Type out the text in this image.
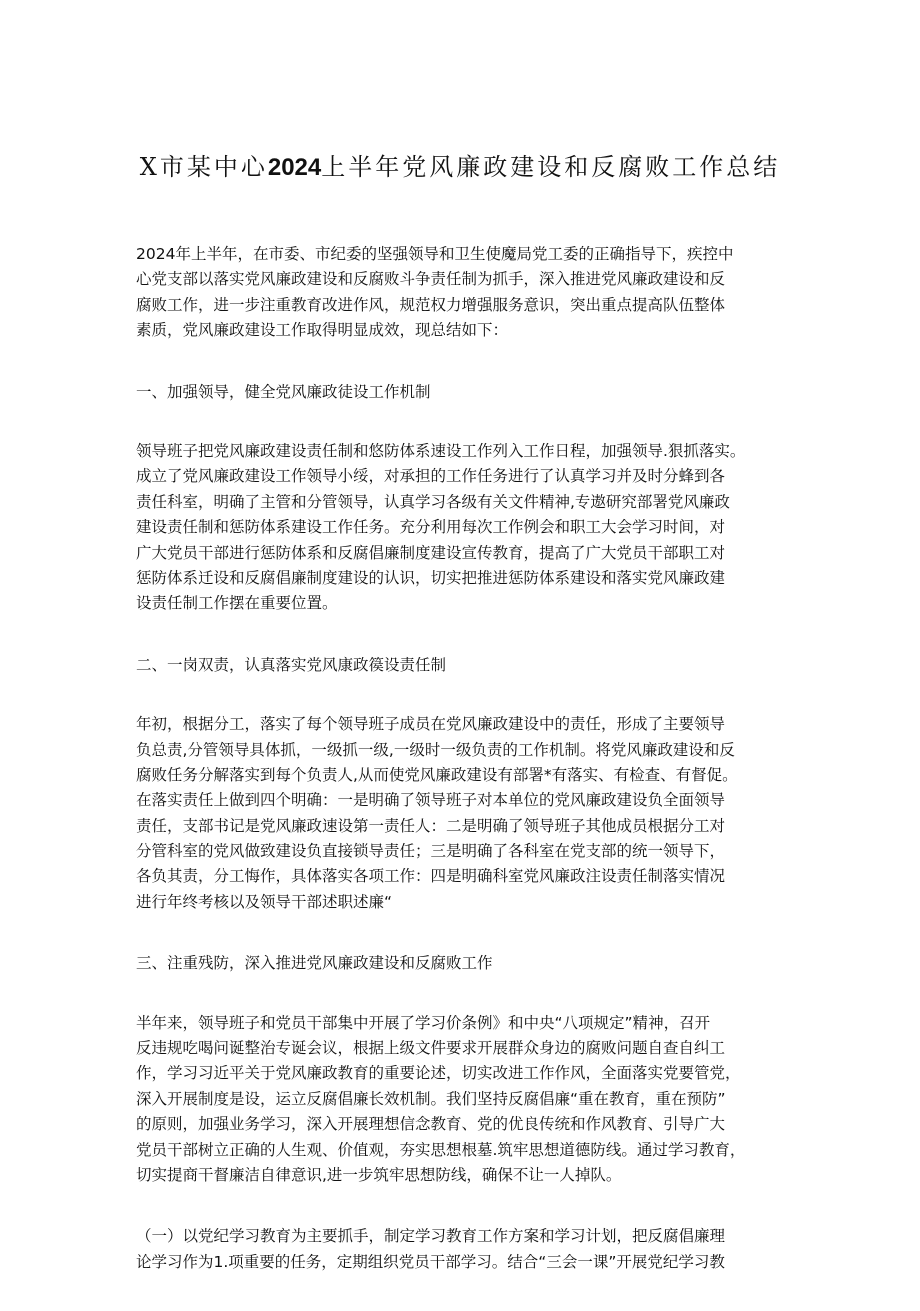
X市某中心2024上半年党风廉政建设和反腐败工作总结
2024年上半年，在市委、市纪委的坚强领导和卫生使魔局党工委的正确指导下，疾控中
心党支部以落实党风廉政建设和反腐败斗争责任制为抓手，深入推进党风廉政建设和反
腐败工作，进一步注重教育改进作风，规范权力增强服务意识，突出重点提高队伍整体
素质，党风廉政建设工作取得明显成效，现总结如下：
一、加强领导，健全党风廉政徒设工作机制
领导班子把党风廉政建设责任制和悠防体系速设工作列入工作日程，加强领导.狠抓落实。
成立了党风廉政建设工作领导小绥，对承担的工作任务进行了认真学习并及时分蜂到各
责任科室，明确了主管和分管领导，认真学习各级有关文件精神,专遨研究部署党风廉政
建设责任制和惩防体系建设工作任务。充分利用每次工作例会和职工大会学习时间，对
广大党员干部进行惩防体系和反腐倡廉制度建设宣传教育，提高了广大党员干部职工对
惩防体系迁设和反腐倡廉制度建设的认识，切实把推进惩防体系建设和落实党风廉政建
设责任制工作摆在重要位置。
二、一岗双责，认真落实党风康政篌设责任制
年初，根据分工，落实了每个领导班子成员在党风廉政建设中的责任，形成了主要领导
负总责,分管领导具体抓，一级抓一级,一级时一级负责的工作机制。将党风廉政建设和反
腐败任务分解落实到每个负责人,从而使党风廉政建设有部署*有落实、有检查、有督促。
在落实责任上做到四个明确：一是明确了领导班子对本单位的党风廉政建设负全面领导
责任，支部书记是党风廉政速设第一责任人：二是明确了领导班子其他成员根据分工对
分管科室的党风做致建设负直接锁导责任；三是明确了各科室在党支部的统一领导下，
各负其责，分工悔作，具体落实各项工作：四是明确科室党风廉政注设责任制落实情况
进行年终考核以及领导干部述职述廉“
三、注重残防，深入推进党风廉政建设和反腐败工作
半年来，领导班子和党员干部集中开展了学习价条例》和中央“八项规定”精神，召开
反违规吃喝问诞整治专诞会议，根据上级文件要求开展群众身边的腐败问题自查自纠工
作，学习习近平关于党风廉政教育的重要论述，切实改进工作作风，全面落实党要管党，
深入开展制度是设，运立反腐倡廉长效机制。我们坚持反腐倡廉“重在教育，重在预防”
的原则，加强业务学习，深入开展理想信念教育、党的优良传统和作风教育、引导广大
党员干部树立正确的人生观、价值观，夯实思想根墓.筑牢思想道德防线。通过学习教育，
切实提商干督廉洁自律意识,进一步筑牢思想防线，确保不让一人掉队。
（一）以党纪学习教育为主要抓手，制定学习教育工作方案和学习计划，把反腐倡廉理
论学习作为1.项重要的任务，定期组织党员干部学习。结合“三会一课”开展党纪学习教
